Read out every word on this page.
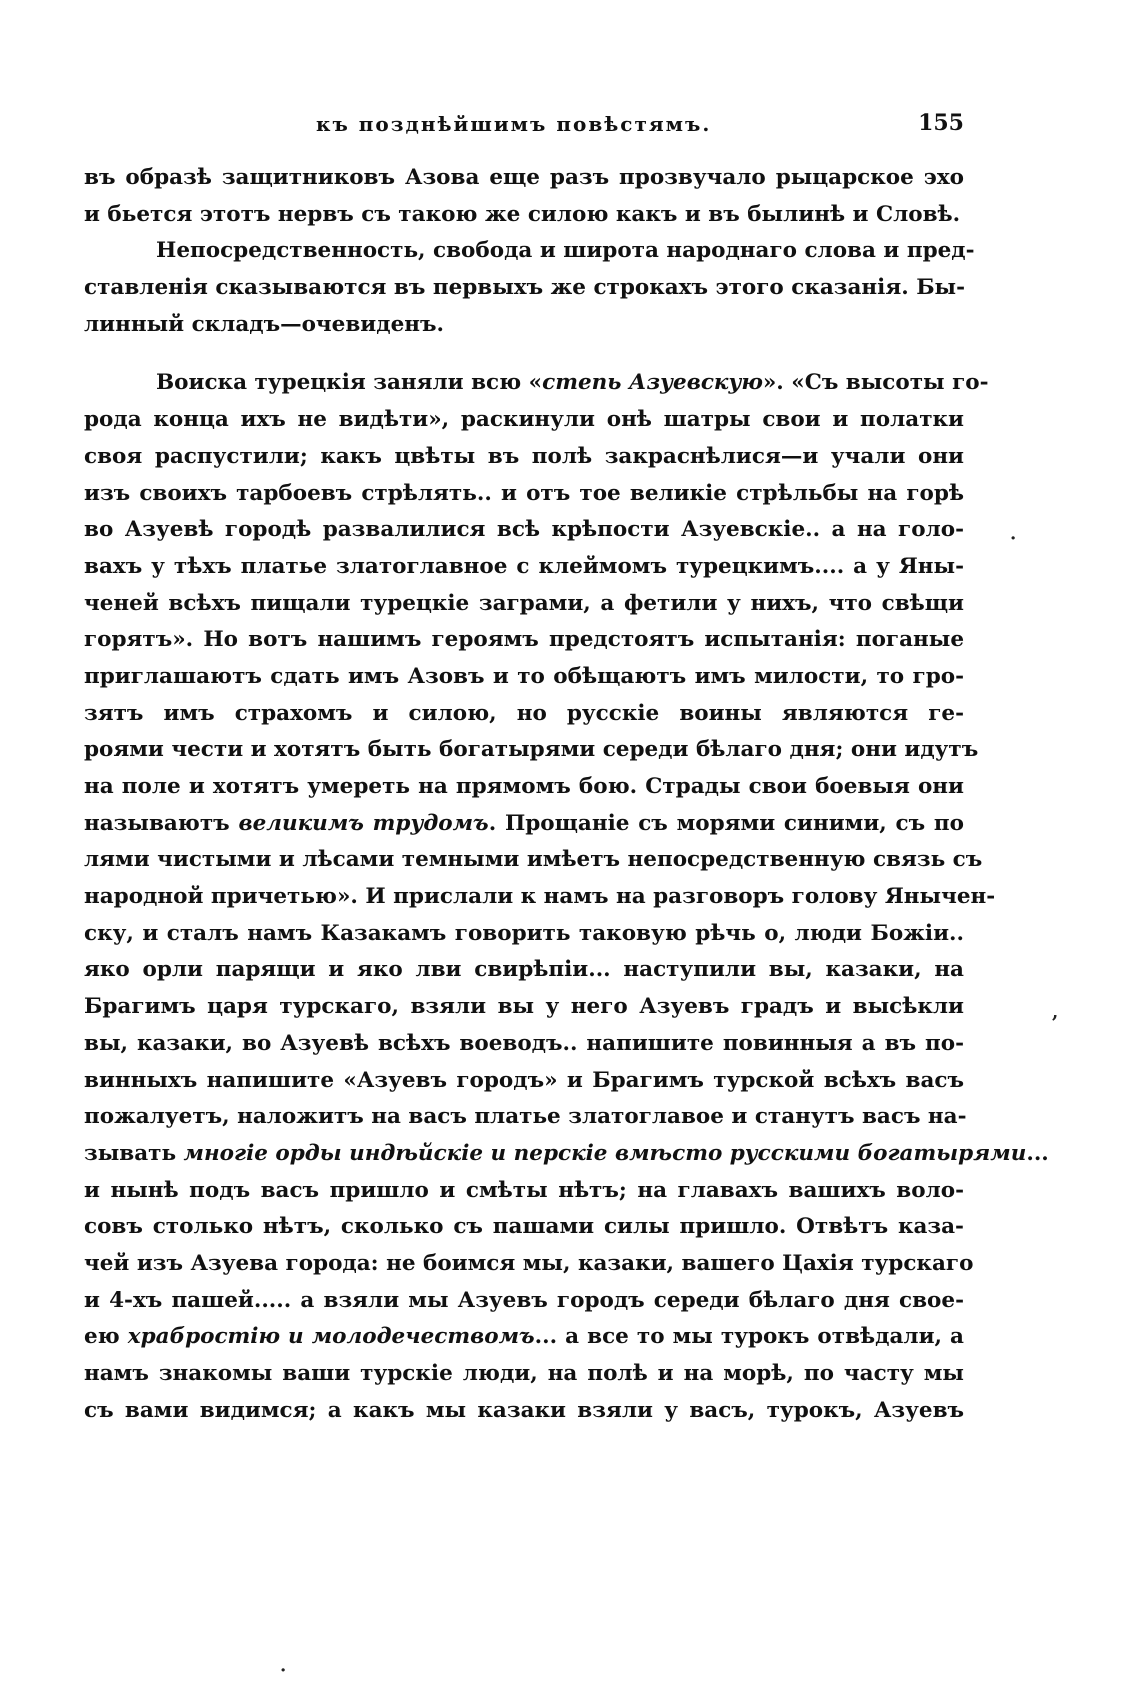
къ позднѣйшимъ повѣстямъ.	155
въ образѣ защитниковъ Азова еще разъ прозвучало рыцарское эхо
и бьется этотъ нервъ съ такою же силою какъ и въ былинѣ и Словѣ.
Непосредственность, свобода и широта народнаго слова и пред-
ставленія сказываются въ первыхъ же строкахъ этого сказанія. Бы-
линный складъ—очевиденъ.
Воиска турецкія заняли всю «степь Азуевскую». «Съ высоты го-
рода конца ихъ не видѣти», раскинули онѣ шатры свои и полатки
своя распустили; какъ цвѣты въ полѣ закраснѣлися—и учали они
изъ своихъ тарбоевъ стрѣлять.. и отъ тое великіе стрѣльбы на горѣ
во Азуевѣ городѣ развалилися всѣ крѣпости Азуевскіе.. а на голо-
вахъ у тѣхъ платье златоглавное с клеймомъ турецкимъ.... а у Яны-
ченей всѣхъ пищали турецкіе заграми, а фетили у нихъ, что свѣщи
горятъ». Но вотъ нашимъ героямъ предстоятъ испытанія: поганые
приглашаютъ сдать имъ Азовъ и то обѣщаютъ имъ милости, то гро-
зятъ имъ страхомъ и силою, но русскіе воины являются ге-
роями чести и хотятъ быть богатырями середи бѣлаго дня; они идутъ
на поле и хотятъ умереть на прямомъ бою. Страды свои боевыя они
называютъ великимъ трудомъ. Прощаніе съ морями синими, съ по
лями чистыми и лѣсами темными имѣетъ непосредственную связь съ
народной причетью». И прислали к намъ на разговоръ голову Янычен-
ску, и сталъ намъ Казакамъ говорить таковую рѣчь о, люди Божіи..
яко орли парящи и яко лви свирѣпіи... наступили вы, казаки, на
Брагимъ царя турскаго, взяли вы у него Азуевъ градъ и высѣкли
вы, казаки, во Азуевѣ всѣхъ воеводъ.. напишите повинныя а въ по-
винныхъ напишите «Азуевъ городъ» и Брагимъ турской всѣхъ васъ
пожалуетъ, наложитъ на васъ платье златоглавое и станутъ васъ на-
зывать многіе орды индѣйскіе и перскіе вмѣсто русскими богатырями...
и нынѣ подъ васъ пришло и смѣты нѣтъ; на главахъ вашихъ воло-
совъ столько нѣтъ, сколько съ пашами силы пришло. Отвѣтъ каза-
чей изъ Азуева города: не боимся мы, казаки, вашего Цахія турскаго
и 4-хъ пашей..... а взяли мы Азуевъ городъ середи бѣлаго дня свое-
ею храбростію и молодечествомъ... а все то мы турокъ отвѣдали, а
намъ знакомы ваши турскіе люди, на полѣ и на морѣ, по часту мы
съ вами видимся; а какъ мы казаки взяли у васъ, турокъ, Азуевъ
·
,
·
